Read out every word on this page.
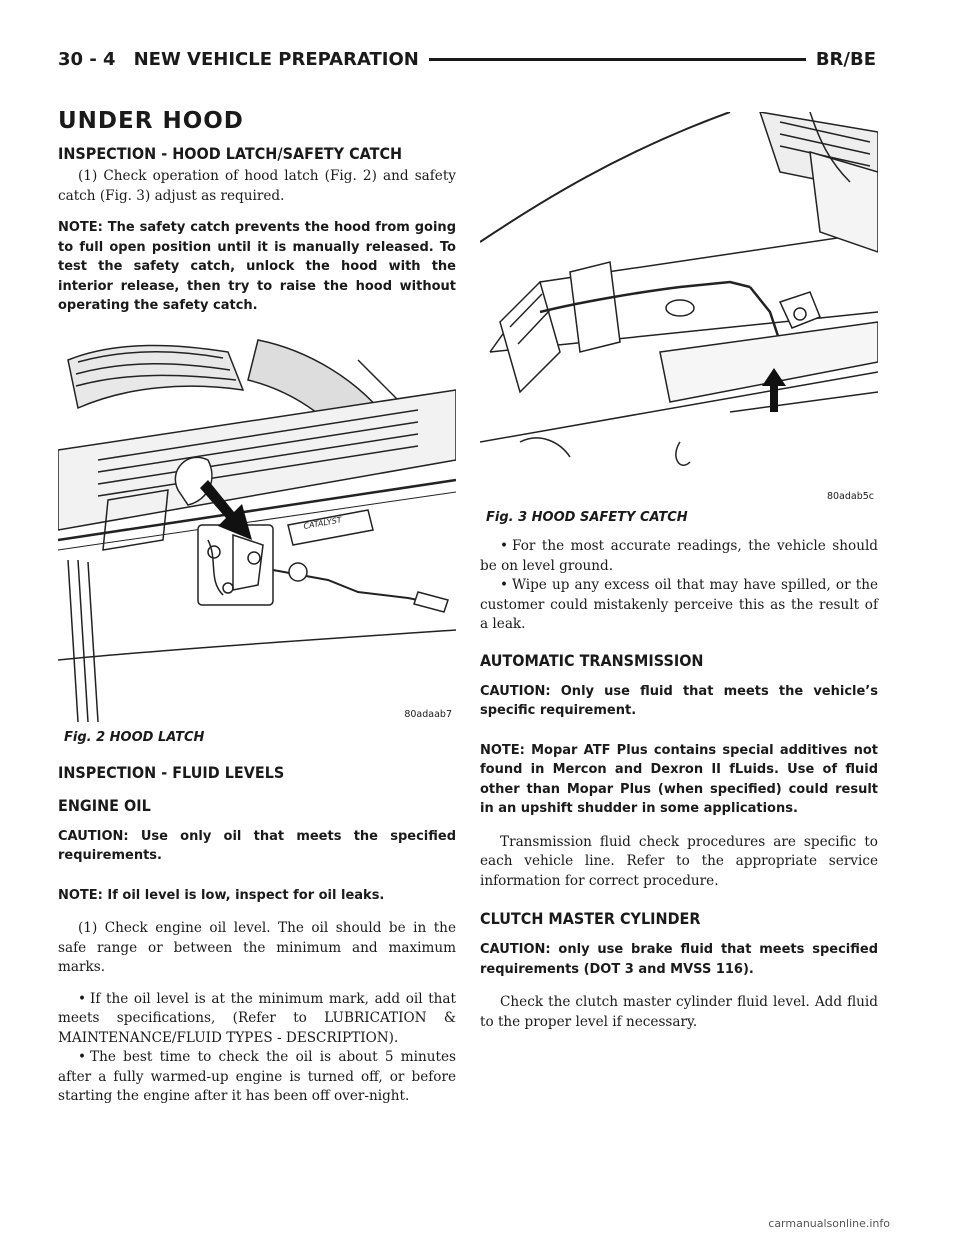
30 - 4 NEW VEHICLE PREPARATION	BR/BE
UNDER HOOD
INSPECTION - HOOD LATCH/SAFETY CATCH

(1) Check operation of hood latch (Fig. 2) and safety catch (Fig. 3) adjust as required.

NOTE: The safety catch prevents the hood from going to full open position until it is manually released. To test the safety catch, unlock the hood with the interior release, then try to raise the hood without operating the safety catch.

CATALYST
80adaab7
Fig. 2 HOOD LATCH
INSPECTION - FLUID LEVELS
ENGINE OIL

CAUTION: Use only oil that meets the specified requirements.

NOTE: If oil level is low, inspect for oil leaks.

(1) Check engine oil level. The oil should be in the safe range or between the minimum and maximum marks.

• If the oil level is at the minimum mark, add oil that meets specifications, (Refer to LUBRICATION & MAINTENANCE/FLUID TYPES - DESCRIPTION).

• The best time to check the oil is about 5 minutes after a fully warmed-up engine is turned off, or before starting the engine after it has been off over-night.

80adab5c
Fig. 3 HOOD SAFETY CATCH

• For the most accurate readings, the vehicle should be on level ground.

• Wipe up any excess oil that may have spilled, or the customer could mistakenly perceive this as the result of a leak.

AUTOMATIC TRANSMISSION

CAUTION: Only use fluid that meets the vehicle’s specific requirement.

NOTE: Mopar ATF Plus contains special additives not found in Mercon and Dexron II fLuids. Use of fluid other than Mopar Plus (when specified) could result in an upshift shudder in some applications.

Transmission fluid check procedures are specific to each vehicle line. Refer to the appropriate service information for correct procedure.

CLUTCH MASTER CYLINDER

CAUTION: only use brake fluid that meets specified requirements (DOT 3 and MVSS 116).

Check the clutch master cylinder fluid level. Add fluid to the proper level if necessary.

carmanualsonline.info
